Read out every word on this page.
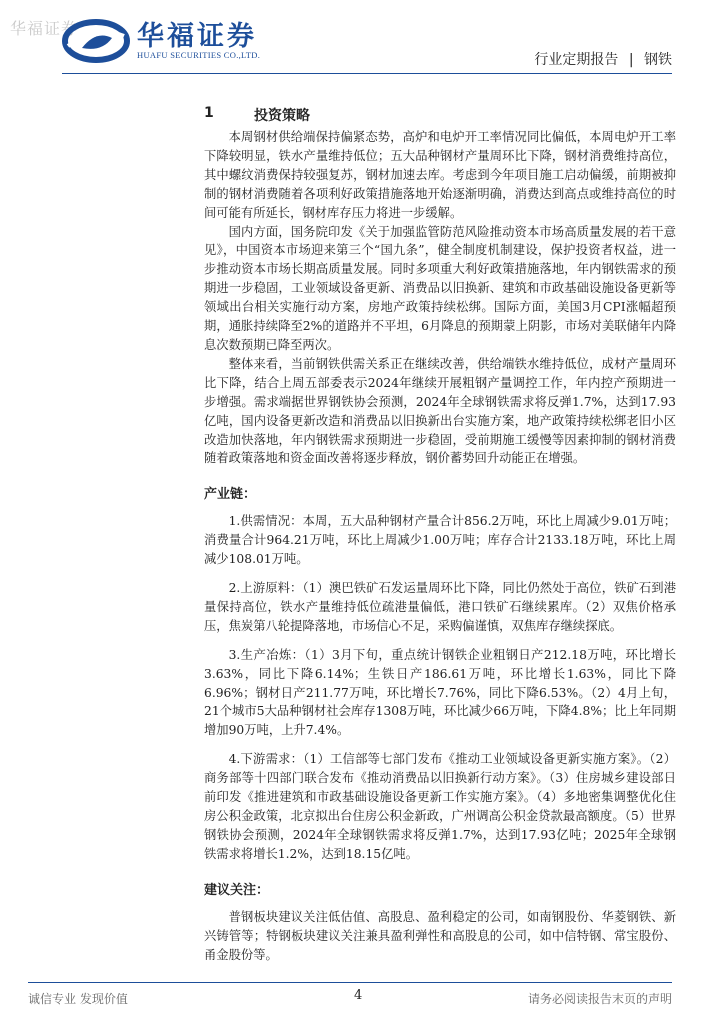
华福证券 华福证券
HUAFU SECURITIES CO.,LTD.	行业定期报告 | 钢铁
1	投资策略

本周钢材供给端保持偏紧态势，高炉和电炉开工率情况同比偏低，本周电炉开工率下降较明显，铁水产量维持低位；五大品种钢材产量周环比下降，钢材消费维持高位，其中螺纹消费保持较强复苏，钢材加速去库。考虑到今年项目施工启动偏缓，前期被抑制的钢材消费随着各项利好政策措施落地开始逐渐明确，消费达到高点或维持高位的时间可能有所延长，钢材库存压力将进一步缓解。

国内方面，国务院印发《关于加强监管防范风险推动资本市场高质量发展的若干意见》，中国资本市场迎来第三个“国九条”，健全制度机制建设，保护投资者权益，进一步推动资本市场长期高质量发展。同时多项重大利好政策措施落地，年内钢铁需求的预期进一步稳固，工业领域设备更新、消费品以旧换新、建筑和市政基础设施设备更新等领域出台相关实施行动方案，房地产政策持续松绑。国际方面，美国3月CPI涨幅超预期，通胀持续降至2%的道路并不平坦，6月降息的预期蒙上阴影，市场对美联储年内降息次数预期已降至两次。

整体来看，当前钢铁供需关系正在继续改善，供给端铁水维持低位，成材产量周环比下降，结合上周五部委表示2024年继续开展粗钢产量调控工作，年内控产预期进一步增强。需求端据世界钢铁协会预测，2024年全球钢铁需求将反弹1.7%，达到17.93亿吨，国内设备更新改造和消费品以旧换新出台实施方案，地产政策持续松绑老旧小区改造加快落地，年内钢铁需求预期进一步稳固，受前期施工缓慢等因素抑制的钢材消费随着政策落地和资金面改善将逐步释放，钢价蓄势回升动能正在增强。

产业链：

1.供需情况：本周，五大品种钢材产量合计856.2万吨，环比上周减少9.01万吨；消费量合计964.21万吨，环比上周减少1.00万吨；库存合计2133.18万吨，环比上周减少108.01万吨。

2.上游原料：（1）澳巴铁矿石发运量周环比下降，同比仍然处于高位，铁矿石到港量保持高位，铁水产量维持低位疏港量偏低，港口铁矿石继续累库。（2）双焦价格承压，焦炭第八轮提降落地，市场信心不足，采购偏谨慎，双焦库存继续探底。

3.生产冶炼：（1）3月下旬，重点统计钢铁企业粗钢日产212.18万吨，环比增长3.63%，同比下降6.14%；生铁日产186.61万吨，环比增长1.63%，同比下降6.96%；钢材日产211.77万吨，环比增长7.76%，同比下降6.53%。（2）4月上旬，21个城市5大品种钢材社会库存1308万吨，环比减少66万吨，下降4.8%；比上年同期增加90万吨，上升7.4%。

4.下游需求：（1）工信部等七部门发布《推动工业领域设备更新实施方案》。（2）商务部等十四部门联合发布《推动消费品以旧换新行动方案》。（3）住房城乡建设部日前印发《推进建筑和市政基础设施设备更新工作实施方案》。（4）多地密集调整优化住房公积金政策，北京拟出台住房公积金新政，广州调高公积金贷款最高额度。（5）世界钢铁协会预测，2024年全球钢铁需求将反弹1.7%，达到17.93亿吨；2025年全球钢铁需求将增长1.2%，达到18.15亿吨。

建议关注：

普钢板块建议关注低估值、高股息、盈利稳定的公司，如南钢股份、华菱钢铁、新兴铸管等；特钢板块建议关注兼具盈利弹性和高股息的公司，如中信特钢、常宝股份、甬金股份等。

诚信专业 发现价值	4	请务必阅读报告末页的声明
